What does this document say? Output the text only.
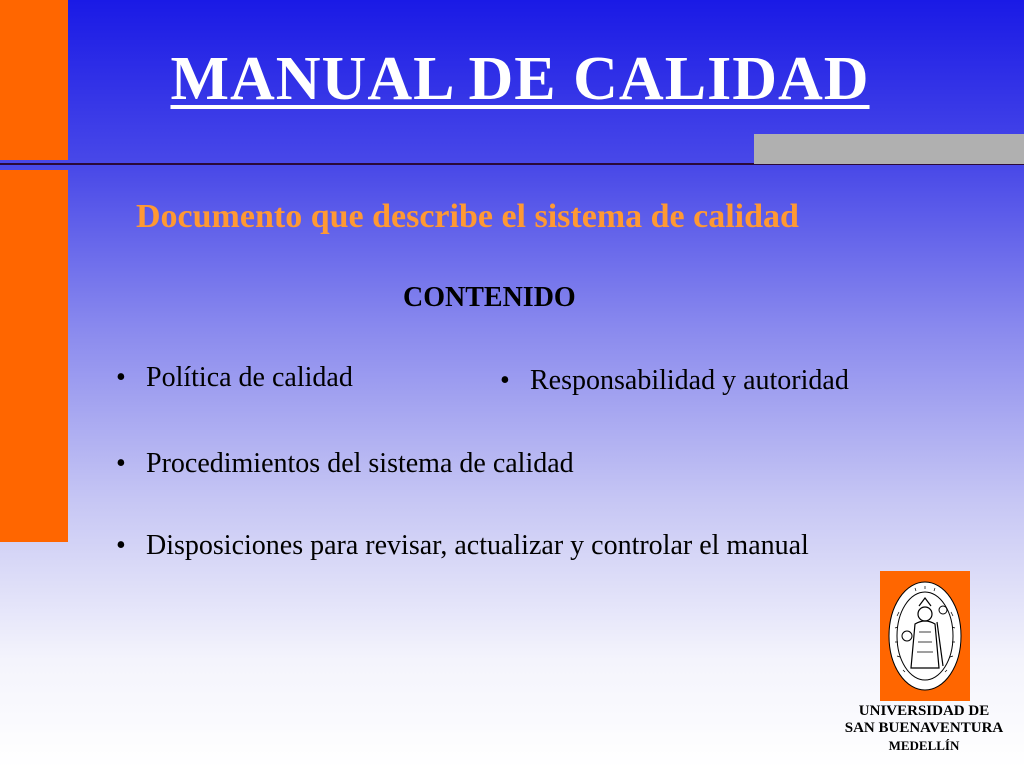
MANUAL DE CALIDAD
Documento que describe el sistema de calidad
CONTENIDO
• Política de calidad	• Responsabilidad y autoridad
• Procedimientos del sistema de calidad
• Disposiciones para revisar, actualizar y controlar el manual
UNIVERSIDAD DE
SAN BUENAVENTURA
MEDELLÍN
